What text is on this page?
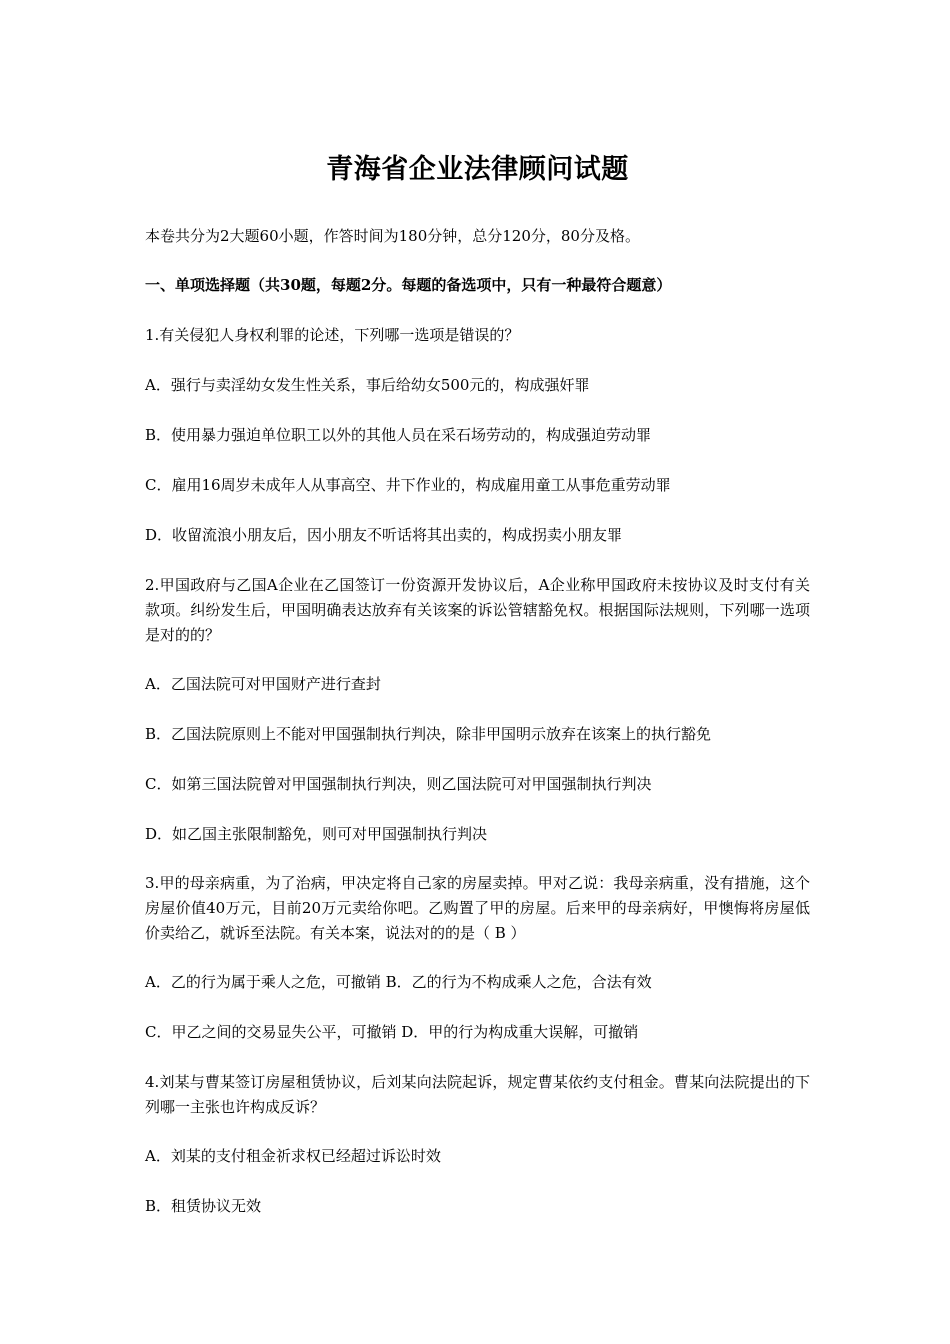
青海省企业法律顾问试题
本卷共分为2大题60小题，作答时间为180分钟，总分120分，80分及格。
一、单项选择题（共30题，每题2分。每题的备选项中，只有一种最符合题意）
1.有关侵犯人身权利罪的论述，下列哪一选项是错误的？
A．强行与卖淫幼女发生性关系，事后给幼女500元的，构成强奸罪
B．使用暴力强迫单位职工以外的其他人员在采石场劳动的，构成强迫劳动罪
C．雇用16周岁未成年人从事高空、井下作业的，构成雇用童工从事危重劳动罪
D．收留流浪小朋友后，因小朋友不听话将其出卖的，构成拐卖小朋友罪
2.甲国政府与乙国A企业在乙国签订一份资源开发协议后，A企业称甲国政府未按协议及时支付有关款项。纠纷发生后，甲国明确表达放弃有关该案的诉讼管辖豁免权。根据国际法规则，下列哪一选项是对的的？
A．乙国法院可对甲国财产进行查封
B．乙国法院原则上不能对甲国强制执行判决，除非甲国明示放弃在该案上的执行豁免
C．如第三国法院曾对甲国强制执行判决，则乙国法院可对甲国强制执行判决
D．如乙国主张限制豁免，则可对甲国强制执行判决
3.甲的母亲病重，为了治病，甲决定将自己家的房屋卖掉。甲对乙说：我母亲病重，没有措施，这个房屋价值40万元，目前20万元卖给你吧。乙购置了甲的房屋。后来甲的母亲病好，甲懊悔将房屋低价卖给乙，就诉至法院。有关本案，说法对的的是（ B ）
A．乙的行为属于乘人之危，可撤销 B．乙的行为不构成乘人之危，合法有效
C．甲乙之间的交易显失公平，可撤销 D．甲的行为构成重大误解，可撤销
4.刘某与曹某签订房屋租赁协议，后刘某向法院起诉，规定曹某依约支付租金。曹某向法院提出的下列哪一主张也许构成反诉？
A．刘某的支付租金祈求权已经超过诉讼时效
B．租赁协议无效
